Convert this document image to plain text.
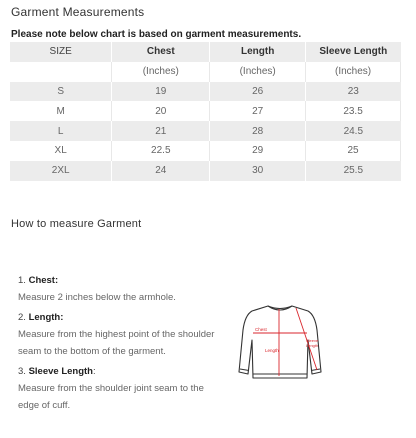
Garment Measurements
Please note below chart is based on garment measurements.
SIZE	Chest	Length	Sleeve Length
	(Inches)	(Inches)	(Inches)
S	19	26	23
M	20	27	23.5
L	21	28	24.5
XL	22.5	29	25
2XL	24	30	25.5
How to measure Garment
1. Chest:
Measure 2 inches below the armhole.
2. Length:
Measure from the highest point of the shoulder seam to the bottom of the garment.
3. Sleeve Length:
Measure from the shoulder joint seam to the edge of cuff.
Chest
Length
Sleeve
Length
